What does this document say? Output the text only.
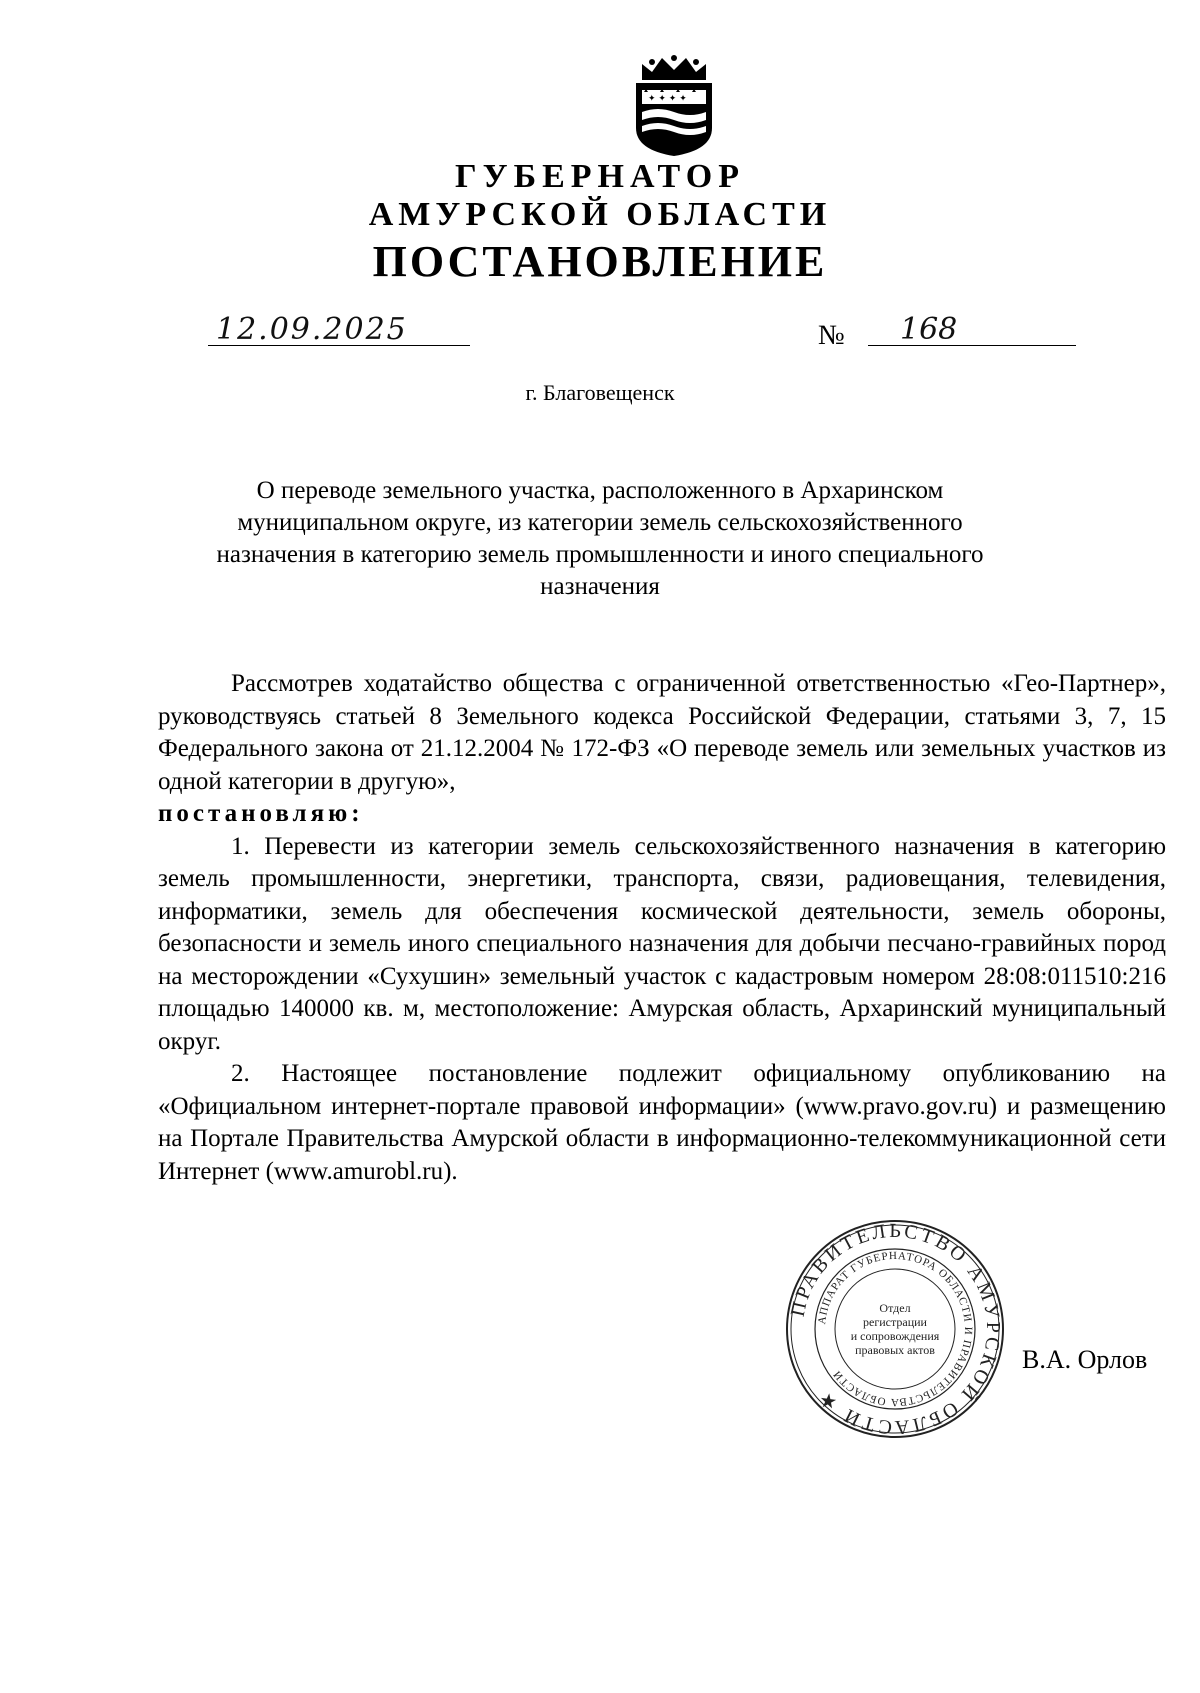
✦ ✦ ✦ ✦
ГУБЕРНАТОР
АМУРСКОЙ ОБЛАСТИ
ПОСТАНОВЛЕНИЕ
12.09.2025	№ 168
г. Благовещенск
О переводе земельного участка, расположенного в Архаринском
муниципальном округе, из категории земель сельскохозяйственного
назначения в категорию земель промышленности и иного специального
назначения
Рассмотрев ходатайство общества с ограниченной ответственностью «Гео-Партнер», руководствуясь статьей 8 Земельного кодекса Российской Федерации, статьями 3, 7, 15 Федерального закона от 21.12.2004 № 172-ФЗ «О переводе земель или земельных участков из одной категории в другую»,
постановляю:
1. Перевести из категории земель сельскохозяйственного назначения в категорию земель промышленности, энергетики, транспорта, связи, радиовещания, телевидения, информатики, земель для обеспечения космической деятельности, земель обороны, безопасности и земель иного специального назначения для добычи песчано-гравийных пород на месторождении «Сухушин» земельный участок с кадастровым номером 28:08:011510:216 площадью 140000 кв. м, местоположение: Амурская область, Архаринский муниципальный округ.
2. Настоящее постановление подлежит официальному опубликованию на «Официальном интернет-портале правовой информации» (www.pravo.gov.ru) и размещению на Портале Правительства Амурской области в информационно-телекоммуникационной сети Интернет (www.amurobl.ru).
ПРАВИТЕЛЬСТВО АМУРСКОЙ ОБЛАСТИ ★
АППАРАТ ГУБЕРНАТОРА ОБЛАСТИ И ПРАВИТЕЛЬСТВА ОБЛАСТИ
Отдел
регистрации
и сопровождения
правовых актов	В.А. Орлов
